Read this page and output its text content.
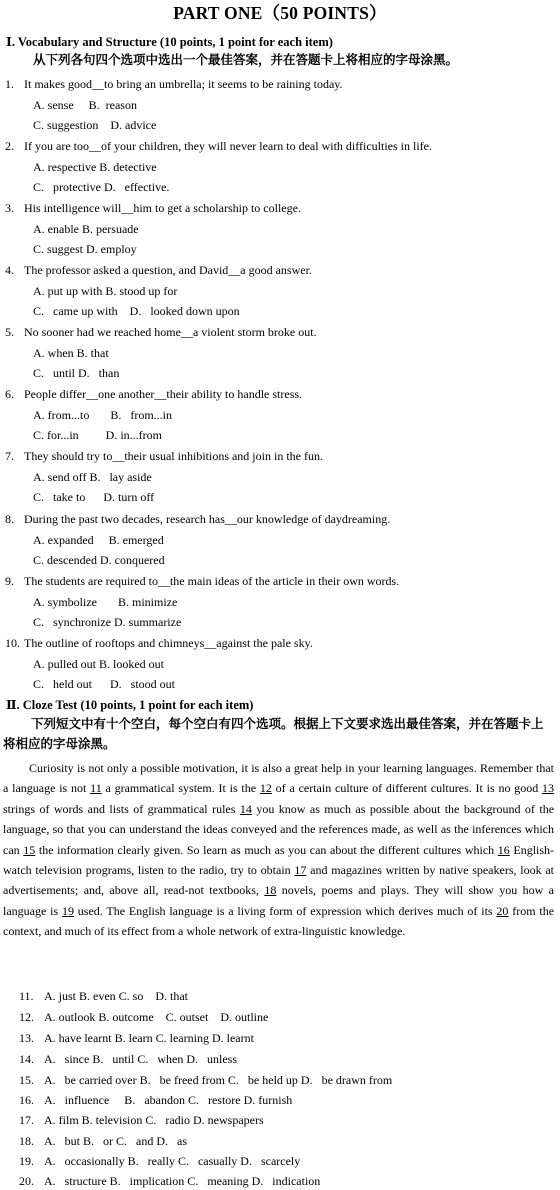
PART ONE（50 POINTS）
Ⅰ. Vocabulary and Structure (10 points, 1 point for each item)
从下列各句四个选项中选出一个最佳答案，并在答题卡上将相应的字母涂黑。
1. It makes good__to bring an umbrella; it seems to be raining today.
A. sense     B.  reason
C. suggestion    D. advice
2. If you are too__of your children, they will never learn to deal with difficulties in life.
A. respective B. detective
C.   protective D.   effective.
3. His intelligence will__him to get a scholarship to college.
A. enable B. persuade
C. suggest D. employ
4. The professor asked a question, and David__a good answer.
A. put up with B. stood up for
C.   came up with    D.   looked down upon
5. No sooner had we reached home__a violent storm broke out.
A. when B. that
C.   until D.   than
6. People differ__one another__their ability to handle stress.
A. from...to       B.   from...in
C. for...in         D. in...from
7. They should try to__their usual inhibitions and join in the fun.
A. send off B.   lay aside
C.   take to      D. turn off
8. During the past two decades, research has__our knowledge of daydreaming.
A. expanded     B. emerged
C. descended D. conquered
9. The students are required to__the main ideas of the article in their own words.
A. symbolize       B. minimize
C.   synchronize D. summarize
10. The outline of rooftops and chimneys__against the pale sky.
A. pulled out B. looked out
C.   held out      D.   stood out
Ⅱ. Cloze Test (10 points, 1 point for each item)
下列短文中有十个空白，每个空白有四个选项。根据上下文要求选出最佳答案，并在答题卡上将相应的字母涂黑。
Curiosity is not only a possible motivation, it is also a great help in your learning languages. Remember that a language is not 11 a grammatical system. It is the 12 of a certain culture of different cultures. It is no good 13 strings of words and lists of grammatical rules 14 you know as much as possible about the background of the language, so that you can understand the ideas conveyed and the references made, as well as the inferences which can 15 the information clearly given. So learn as much as you can about the different cultures which 16 English-watch television programs, listen to the radio, try to obtain 17 and magazines written by native speakers, look at advertisements; and, above all, read-not textbooks, 18 novels, poems and plays. They will show you how a language is 19 used. The English language is a living form of expression which derives much of its 20 from the context, and much of its effect from a whole network of extra-linguistic knowledge.
11. A. just B. even C. so    D. that
12. A. outlook B. outcome    C. outset    D. outline
13. A. have learnt B. learn C. learning D. learnt
14. A.   since B.   until C.   when D.   unless
15. A.   be carried over B.   be freed from C.   be held up D.   be drawn from
16. A.   influence     B.   abandon C.   restore D. furnish
17. A. film B. television C.   radio D. newspapers
18. A.   but B.   or C.   and D.   as
19. A.   occasionally B.   really C.   casually D.   scarcely
20. A.   structure B.   implication C.   meaning D.   indication
